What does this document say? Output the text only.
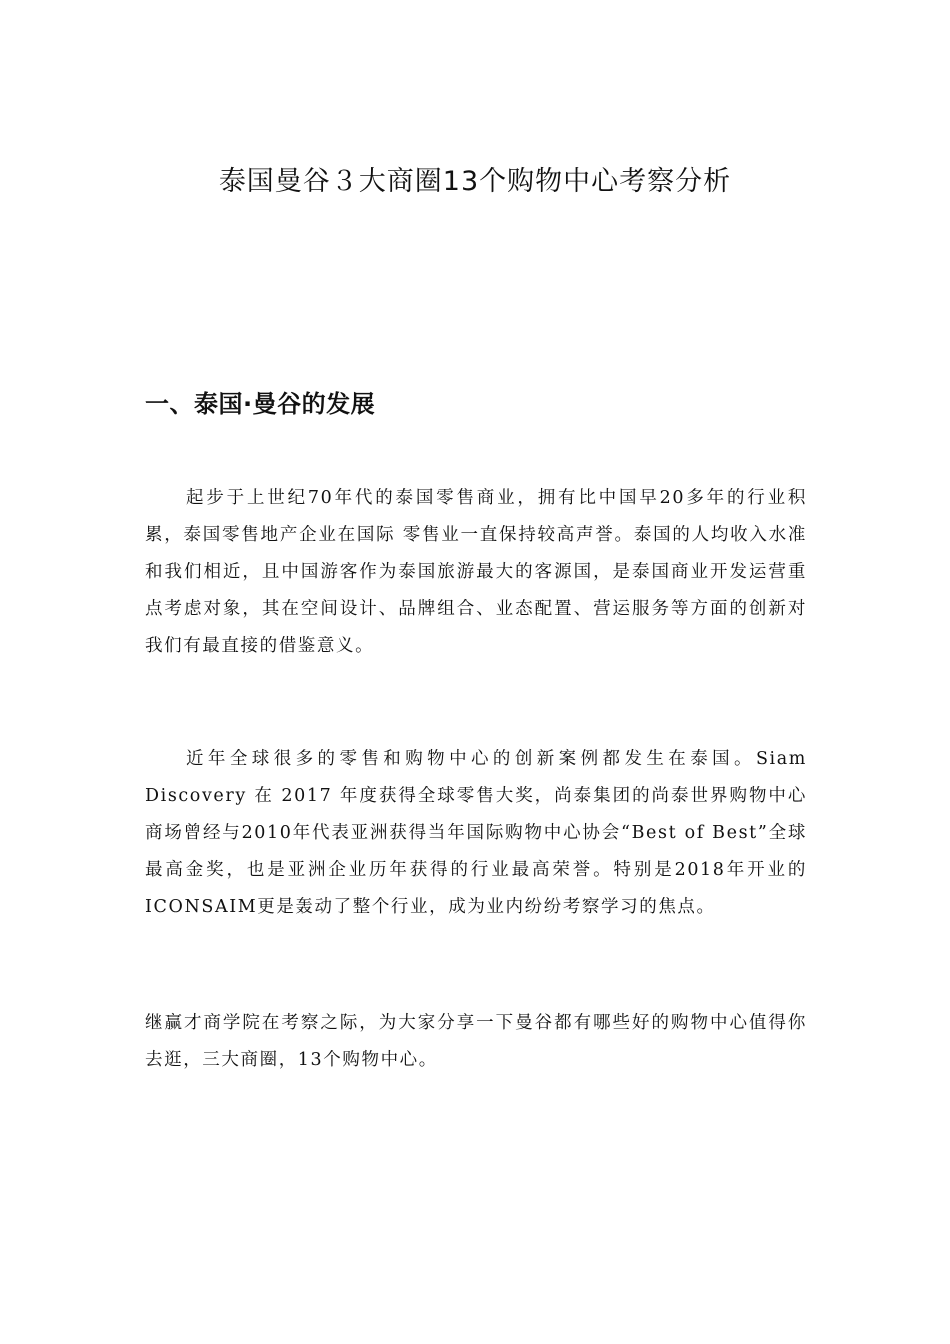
泰国曼谷３大商圈13个购物中心考察分析
一、泰国·曼谷的发展

起步于上世纪70年代的泰国零售商业，拥有比中国早20多年的行业积累，泰国零售地产企业在国际 零售业一直保持较高声誉。泰国的人均收入水准和我们相近，且中国游客作为泰国旅游最大的客源国，是泰国商业开发运营重点考虑对象，其在空间设计、品牌组合、业态配置、营运服务等方面的创新对我们有最直接的借鉴意义。

近年全球很多的零售和购物中心的创新案例都发生在泰国。Siam Discovery 在 2017 年度获得全球零售大奖，尚泰集团的尚泰世界购物中心商场曾经与2010年代表亚洲获得当年国际购物中心协会“Best of Best”全球最高金奖，也是亚洲企业历年获得的行业最高荣誉。特别是2018年开业的ICONSAIM更是轰动了整个行业，成为业内纷纷考察学习的焦点。

继赢才商学院在考察之际，为大家分享一下曼谷都有哪些好的购物中心值得你去逛，三大商圈，13个购物中心。
